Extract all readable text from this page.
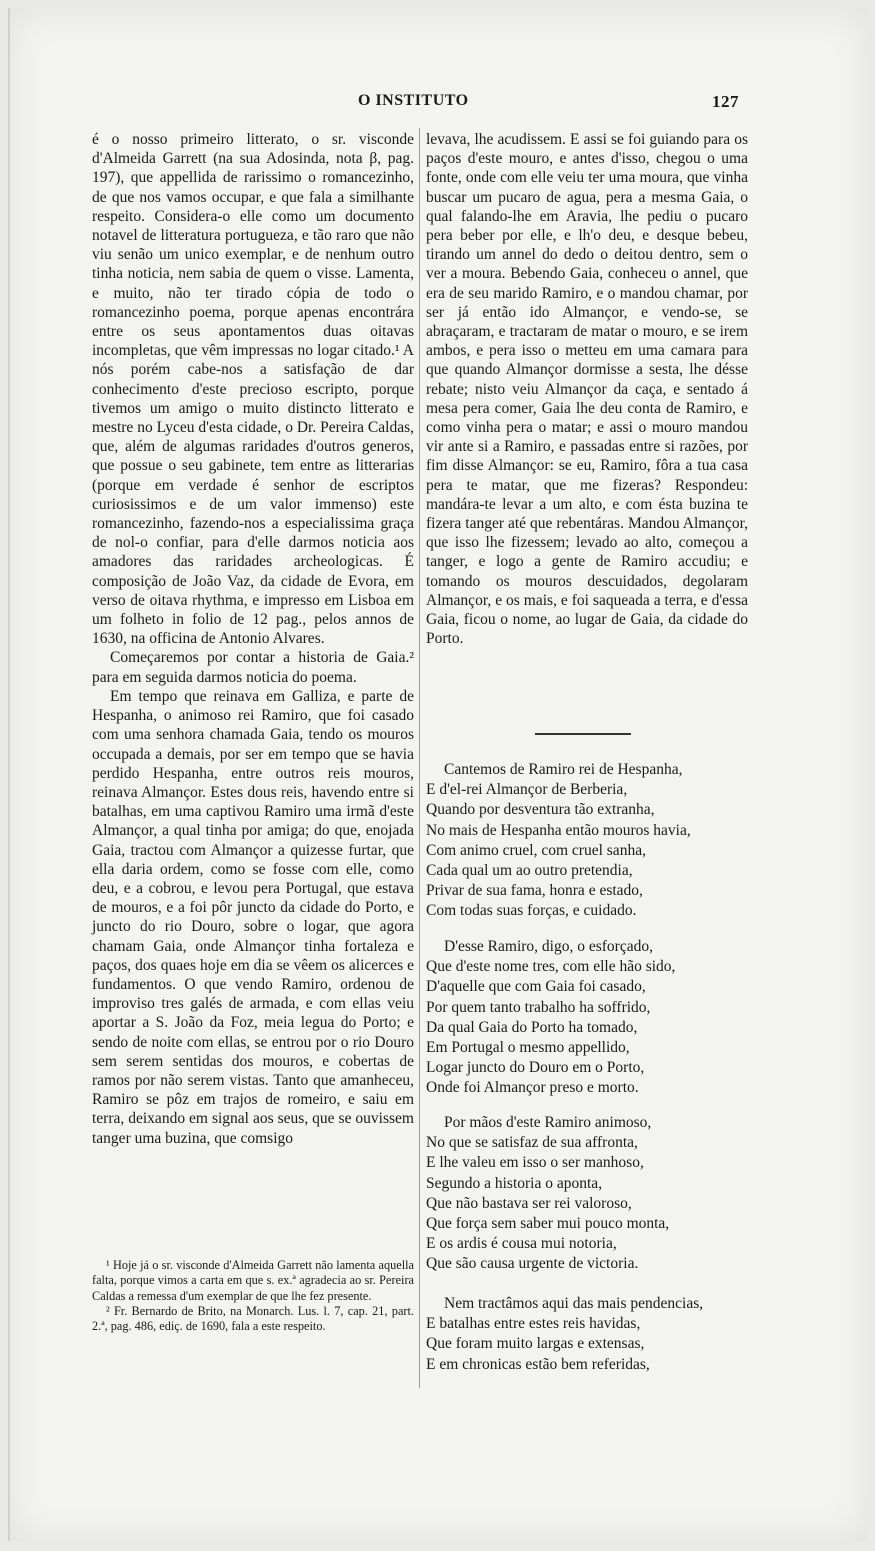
O INSTITUTO	127

é o nosso primeiro litterato, o sr. visconde d'Almeida Garrett (na sua Adosinda, nota β, pag. 197), que appellida de rarissimo o romancezinho, de que nos vamos occupar, e que fala a similhante respeito. Considera-o elle como um documento notavel de litteratura portugueza, e tão raro que não viu senão um unico exemplar, e de nenhum outro tinha noticia, nem sabia de quem o visse. Lamenta, e muito, não ter tirado cópia de todo o romancezinho poema, porque apenas encontrára entre os seus apontamentos duas oitavas incompletas, que vêm impressas no logar citado.¹ A nós porém cabe-nos a satisfação de dar conhecimento d'este precioso escripto, porque tivemos um amigo o muito distincto litterato e mestre no Lyceu d'esta cidade, o Dr. Pereira Caldas, que, além de algumas raridades d'outros generos, que possue o seu gabinete, tem entre as litterarias (porque em verdade é senhor de escriptos curiosissimos e de um valor immenso) este romancezinho, fazendo-nos a especialissima graça de nol-o confiar, para d'elle darmos noticia aos amadores das raridades archeologicas. É composição de João Vaz, da cidade de Evora, em verso de oitava rhythma, e impresso em Lisboa em um folheto in folio de 12 pag., pelos annos de 1630, na officina de Antonio Alvares.

Começaremos por contar a historia de Gaia.² para em seguida darmos noticia do poema.

Em tempo que reinava em Galliza, e parte de Hespanha, o animoso rei Ramiro, que foi casado com uma senhora chamada Gaia, tendo os mouros occupada a demais, por ser em tempo que se havia perdido Hespanha, entre outros reis mouros, reinava Almançor. Estes dous reis, havendo entre si batalhas, em uma captivou Ramiro uma irmã d'este Almançor, a qual tinha por amiga; do que, enojada Gaia, tractou com Almançor a quizesse furtar, que ella daria ordem, como se fosse com elle, como deu, e a cobrou, e levou pera Portugal, que estava de mouros, e a foi pôr juncto da cidade do Porto, e juncto do rio Douro, sobre o logar, que agora chamam Gaia, onde Almançor tinha fortaleza e paços, dos quaes hoje em dia se vêem os alicerces e fundamentos. O que vendo Ramiro, ordenou de improviso tres galés de armada, e com ellas veiu aportar a S. João da Foz, meia legua do Porto; e sendo de noite com ellas, se entrou por o rio Douro sem serem sentidas dos mouros, e cobertas de ramos por não serem vistas. Tanto que amanheceu, Ramiro se pôz em trajos de romeiro, e saiu em terra, deixando em signal aos seus, que se ouvissem tanger uma buzina, que comsigo

¹ Hoje já o sr. visconde d'Almeida Garrett não lamenta aquella falta, porque vimos a carta em que s. ex.ª agradecia ao sr. Pereira Caldas a remessa d'um exemplar de que lhe fez presente.

² Fr. Bernardo de Brito, na Monarch. Lus. l. 7, cap. 21, part. 2.ª, pag. 486, ediç. de 1690, fala a este respeito.

levava, lhe acudissem. E assi se foi guiando para os paços d'este mouro, e antes d'isso, chegou o uma fonte, onde com elle veiu ter uma moura, que vinha buscar um pucaro de agua, pera a mesma Gaia, o qual falando-lhe em Aravia, lhe pediu o pucaro pera beber por elle, e lh'o deu, e desque bebeu, tirando um annel do dedo o deitou dentro, sem o ver a moura. Bebendo Gaia, conheceu o annel, que era de seu marido Ramiro, e o mandou chamar, por ser já então ido Almançor, e vendo-se, se abraçaram, e tractaram de matar o mouro, e se irem ambos, e pera isso o metteu em uma camara para que quando Almançor dormisse a sesta, lhe désse rebate; nisto veiu Almançor da caça, e sentado á mesa pera comer, Gaia lhe deu conta de Ramiro, e como vinha pera o matar; e assi o mouro mandou vir ante si a Ramiro, e passadas entre si razões, por fim disse Almançor: se eu, Ramiro, fôra a tua casa pera te matar, que me fizeras? Respondeu: mandára-te levar a um alto, e com ésta buzina te fizera tanger até que rebentáras. Mandou Almançor, que isso lhe fizessem; levado ao alto, começou a tanger, e logo a gente de Ramiro accudiu; e tomando os mouros descuidados, degolaram Almançor, e os mais, e foi saqueada a terra, e d'essa Gaia, ficou o nome, ao lugar de Gaia, da cidade do Porto.

Cantemos de Ramiro rei de Hespanha,
E d'el-rei Almançor de Berberia,
Quando por desventura tão extranha,
No mais de Hespanha então mouros havia,
Com animo cruel, com cruel sanha,
Cada qual um ao outro pretendia,
Privar de sua fama, honra e estado,
Com todas suas forças, e cuidado.
D'esse Ramiro, digo, o esforçado,
Que d'este nome tres, com elle hão sido,
D'aquelle que com Gaia foi casado,
Por quem tanto trabalho ha soffrido,
Da qual Gaia do Porto ha tomado,
Em Portugal o mesmo appellido,
Logar juncto do Douro em o Porto,
Onde foi Almançor preso e morto.
Por mãos d'este Ramiro animoso,
No que se satisfaz de sua affronta,
E lhe valeu em isso o ser manhoso,
Segundo a historia o aponta,
Que não bastava ser rei valoroso,
Que força sem saber mui pouco monta,
E os ardis é cousa mui notoria,
Que são causa urgente de victoria.
Nem tractâmos aqui das mais pendencias,
E batalhas entre estes reis havidas,
Que foram muito largas e extensas,
E em chronicas estão bem referidas,
